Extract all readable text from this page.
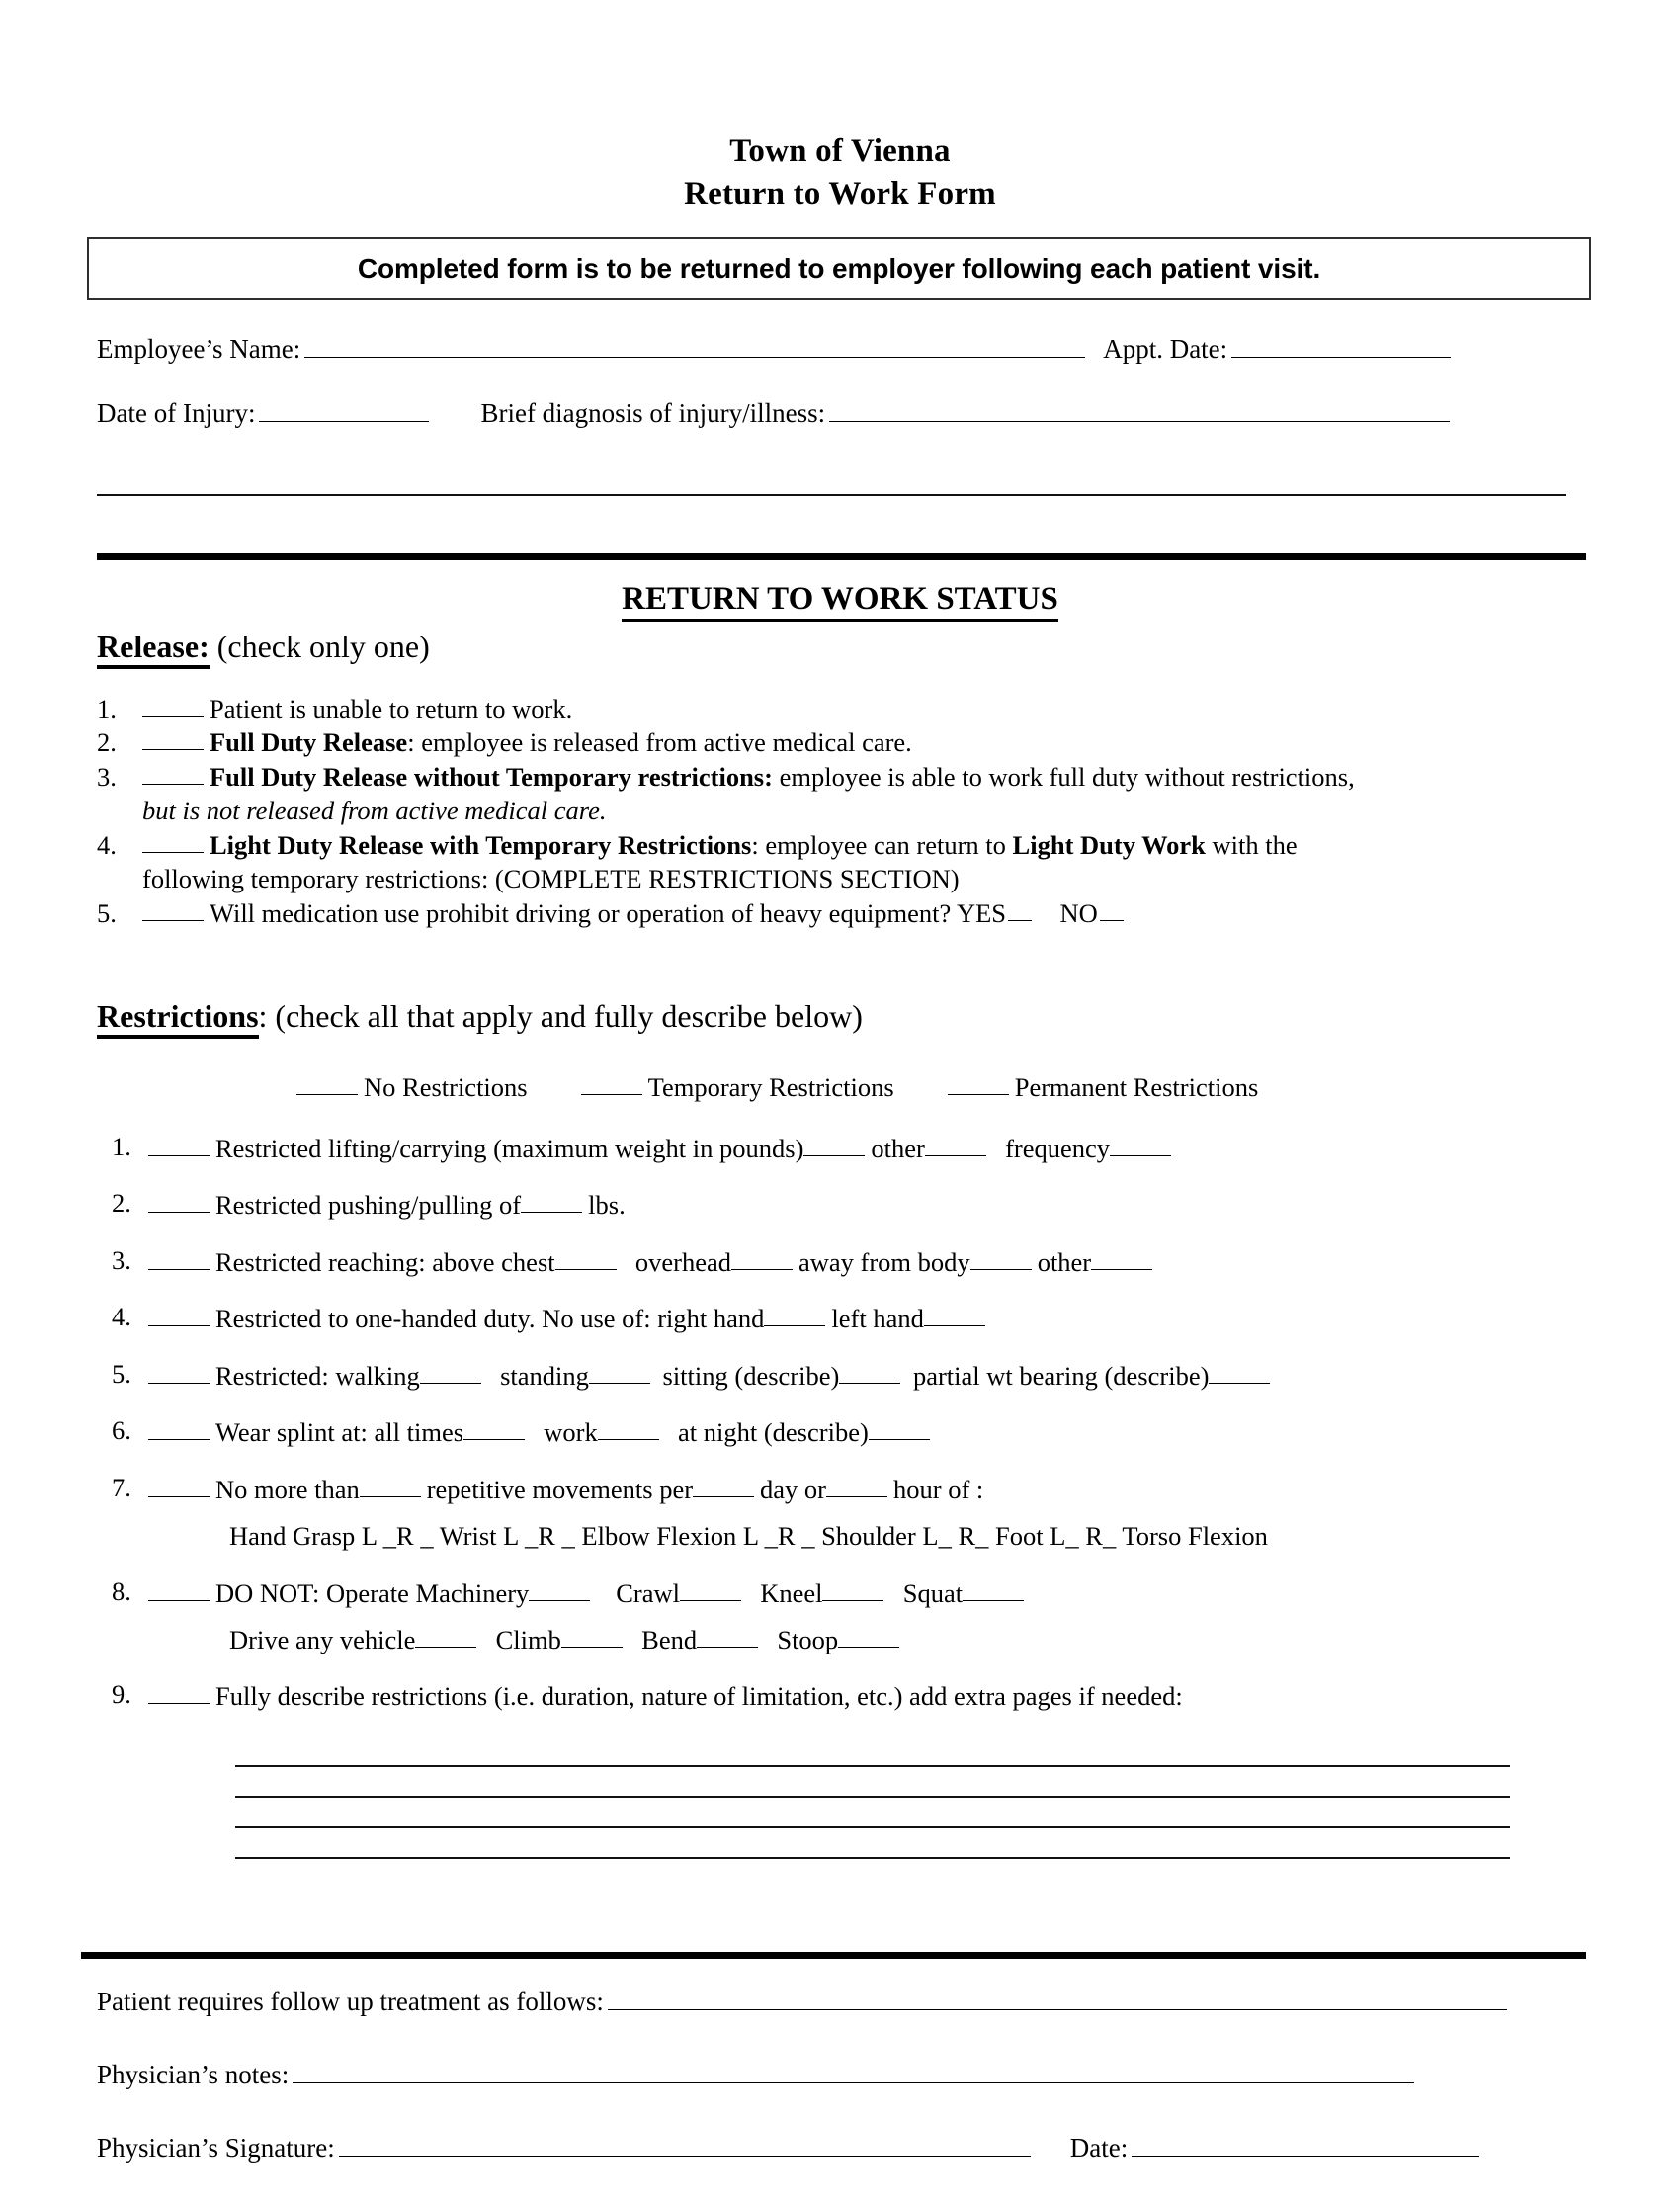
Town of Vienna
Return to Work Form
Completed form is to be returned to employer following each patient visit.
Employee’s Name:	Appt. Date:
Date of Injury:	Brief diagnosis of injury/illness:
RETURN TO WORK STATUS
Release: (check only one)
1.	Patient is unable to return to work.
2.	Full Duty Release: employee is released from active medical care.
3.	Full Duty Release without Temporary restrictions: employee is able to work full duty without restrictions,
but is not released from active medical care.
4.	Light Duty Release with Temporary Restrictions: employee can return to Light Duty Work with the
following temporary restrictions: (COMPLETE RESTRICTIONS SECTION)
5.	Will medication use prohibit driving or operation of heavy equipment? YES NO
Restrictions: (check all that apply and fully describe below)
No Restrictions	Temporary Restrictions	Permanent Restrictions
1.	Restricted lifting/carrying (maximum weight in pounds)	other	frequency
2.	Restricted pushing/pulling of	lbs.
3.	Restricted reaching: above chest	overhead	away from body	other
4.	Restricted to one-handed duty. No use of: right hand	left hand
5.	Restricted: walking	standing	sitting (describe)	partial wt bearing (describe)
6.	Wear splint at: all times	work	at night (describe)
7.	No more than	repetitive movements per	day or	hour of :
Hand Grasp L _R _ Wrist L _R _ Elbow Flexion L _R _ Shoulder L_ R_ Foot L_ R_ Torso Flexion
8.	DO NOT: Operate Machinery	Crawl	Kneel	Squat
Drive any vehicle	Climb	Bend	Stoop
9.	Fully describe restrictions (i.e. duration, nature of limitation, etc.) add extra pages if needed:
Patient requires follow up treatment as follows:
Physician’s notes:
Physician’s Signature:	Date:
